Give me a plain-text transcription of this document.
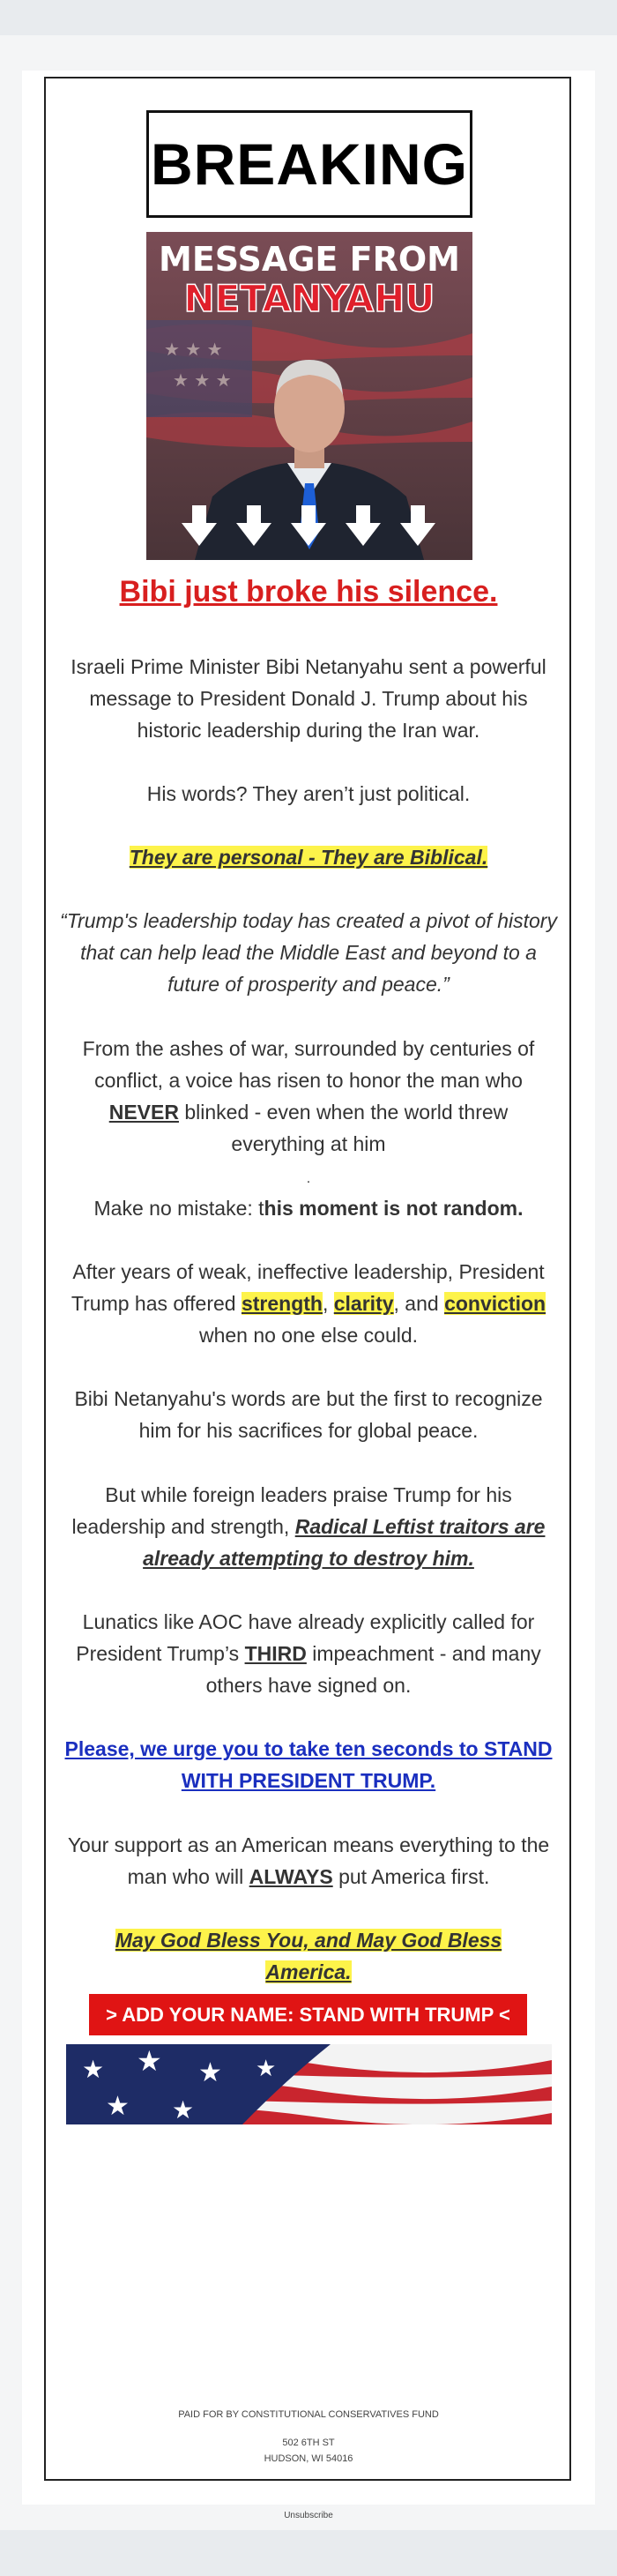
BREAKING
★ ★ ★
★ ★ ★
MESSAGE FROM
NETANYAHU
Bibi just broke his silence.
Israeli Prime Minister Bibi Netanyahu sent a powerful message to President Donald J. Trump about his historic leadership during the Iran war.
His words? They aren’t just political.
They are personal - They are Biblical.
“Trump's leadership today has created a pivot of history that can help lead the Middle East and beyond to a future of prosperity and peace.”
From the ashes of war, surrounded by centuries of conflict, a voice has risen to honor the man who NEVER blinked - even when the world threw everything at him
.
Make no mistake: this moment is not random.
After years of weak, ineffective leadership, President Trump has offered strength, clarity, and conviction when no one else could.
Bibi Netanyahu's words are but the first to recognize him for his sacrifices for global peace.
But while foreign leaders praise Trump for his leadership and strength, Radical Leftist traitors are already attempting to destroy him.
Lunatics like AOC have already explicitly called for President Trump’s THIRD impeachment - and many others have signed on.
Please, we urge you to take ten seconds to STAND WITH PRESIDENT TRUMP.
Your support as an American means everything to the man who will ALWAYS put America first.
May God Bless You, and May God Bless America.
> ADD YOUR NAME: STAND WITH TRUMP <
★ ★ ★
★ ★
★
PAID FOR BY CONSTITUTIONAL CONSERVATIVES FUND
502 6TH ST
HUDSON, WI 54016
Unsubscribe
